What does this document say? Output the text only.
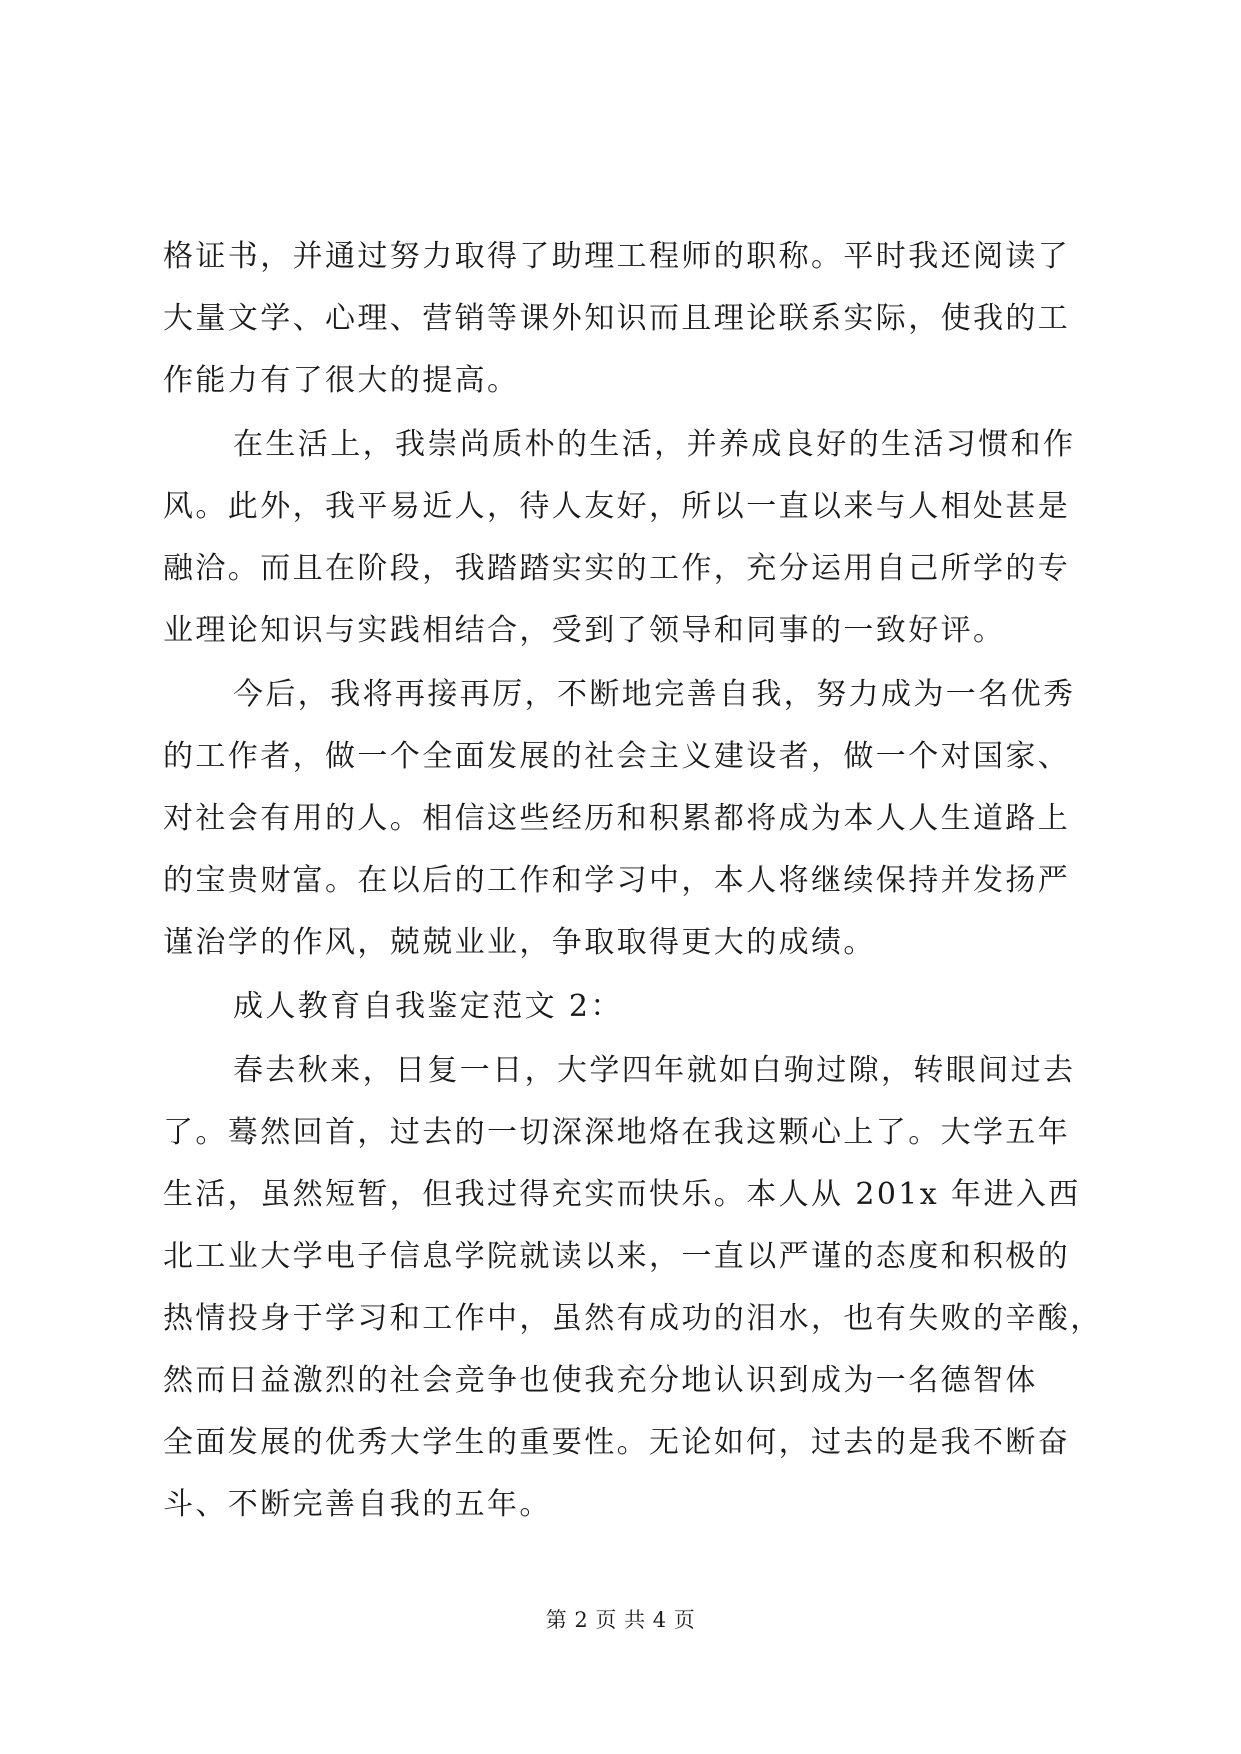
格证书，并通过努力取得了助理工程师的职称。平时我还阅读了
大量文学、心理、营销等课外知识而且理论联系实际，使我的工
作能力有了很大的提高。
在生活上，我崇尚质朴的生活，并养成良好的生活习惯和作
风。此外，我平易近人，待人友好，所以一直以来与人相处甚是
融洽。而且在阶段，我踏踏实实的工作，充分运用自己所学的专
业理论知识与实践相结合，受到了领导和同事的一致好评。
今后，我将再接再厉，不断地完善自我，努力成为一名优秀
的工作者，做一个全面发展的社会主义建设者，做一个对国家、
对社会有用的人。相信这些经历和积累都将成为本人人生道路上
的宝贵财富。在以后的工作和学习中，本人将继续保持并发扬严
谨治学的作风，兢兢业业，争取取得更大的成绩。
成人教育自我鉴定范文 2：
春去秋来，日复一日，大学四年就如白驹过隙，转眼间过去
了。蓦然回首，过去的一切深深地烙在我这颗心上了。大学五年
生活，虽然短暂，但我过得充实而快乐。本人从 201x 年进入西
北工业大学电子信息学院就读以来，一直以严谨的态度和积极的
热情投身于学习和工作中，虽然有成功的泪水，也有失败的辛酸，
然而日益激烈的社会竞争也使我充分地认识到成为一名德智体
全面发展的优秀大学生的重要性。无论如何，过去的是我不断奋
斗、不断完善自我的五年。
第 2 页 共 4 页
